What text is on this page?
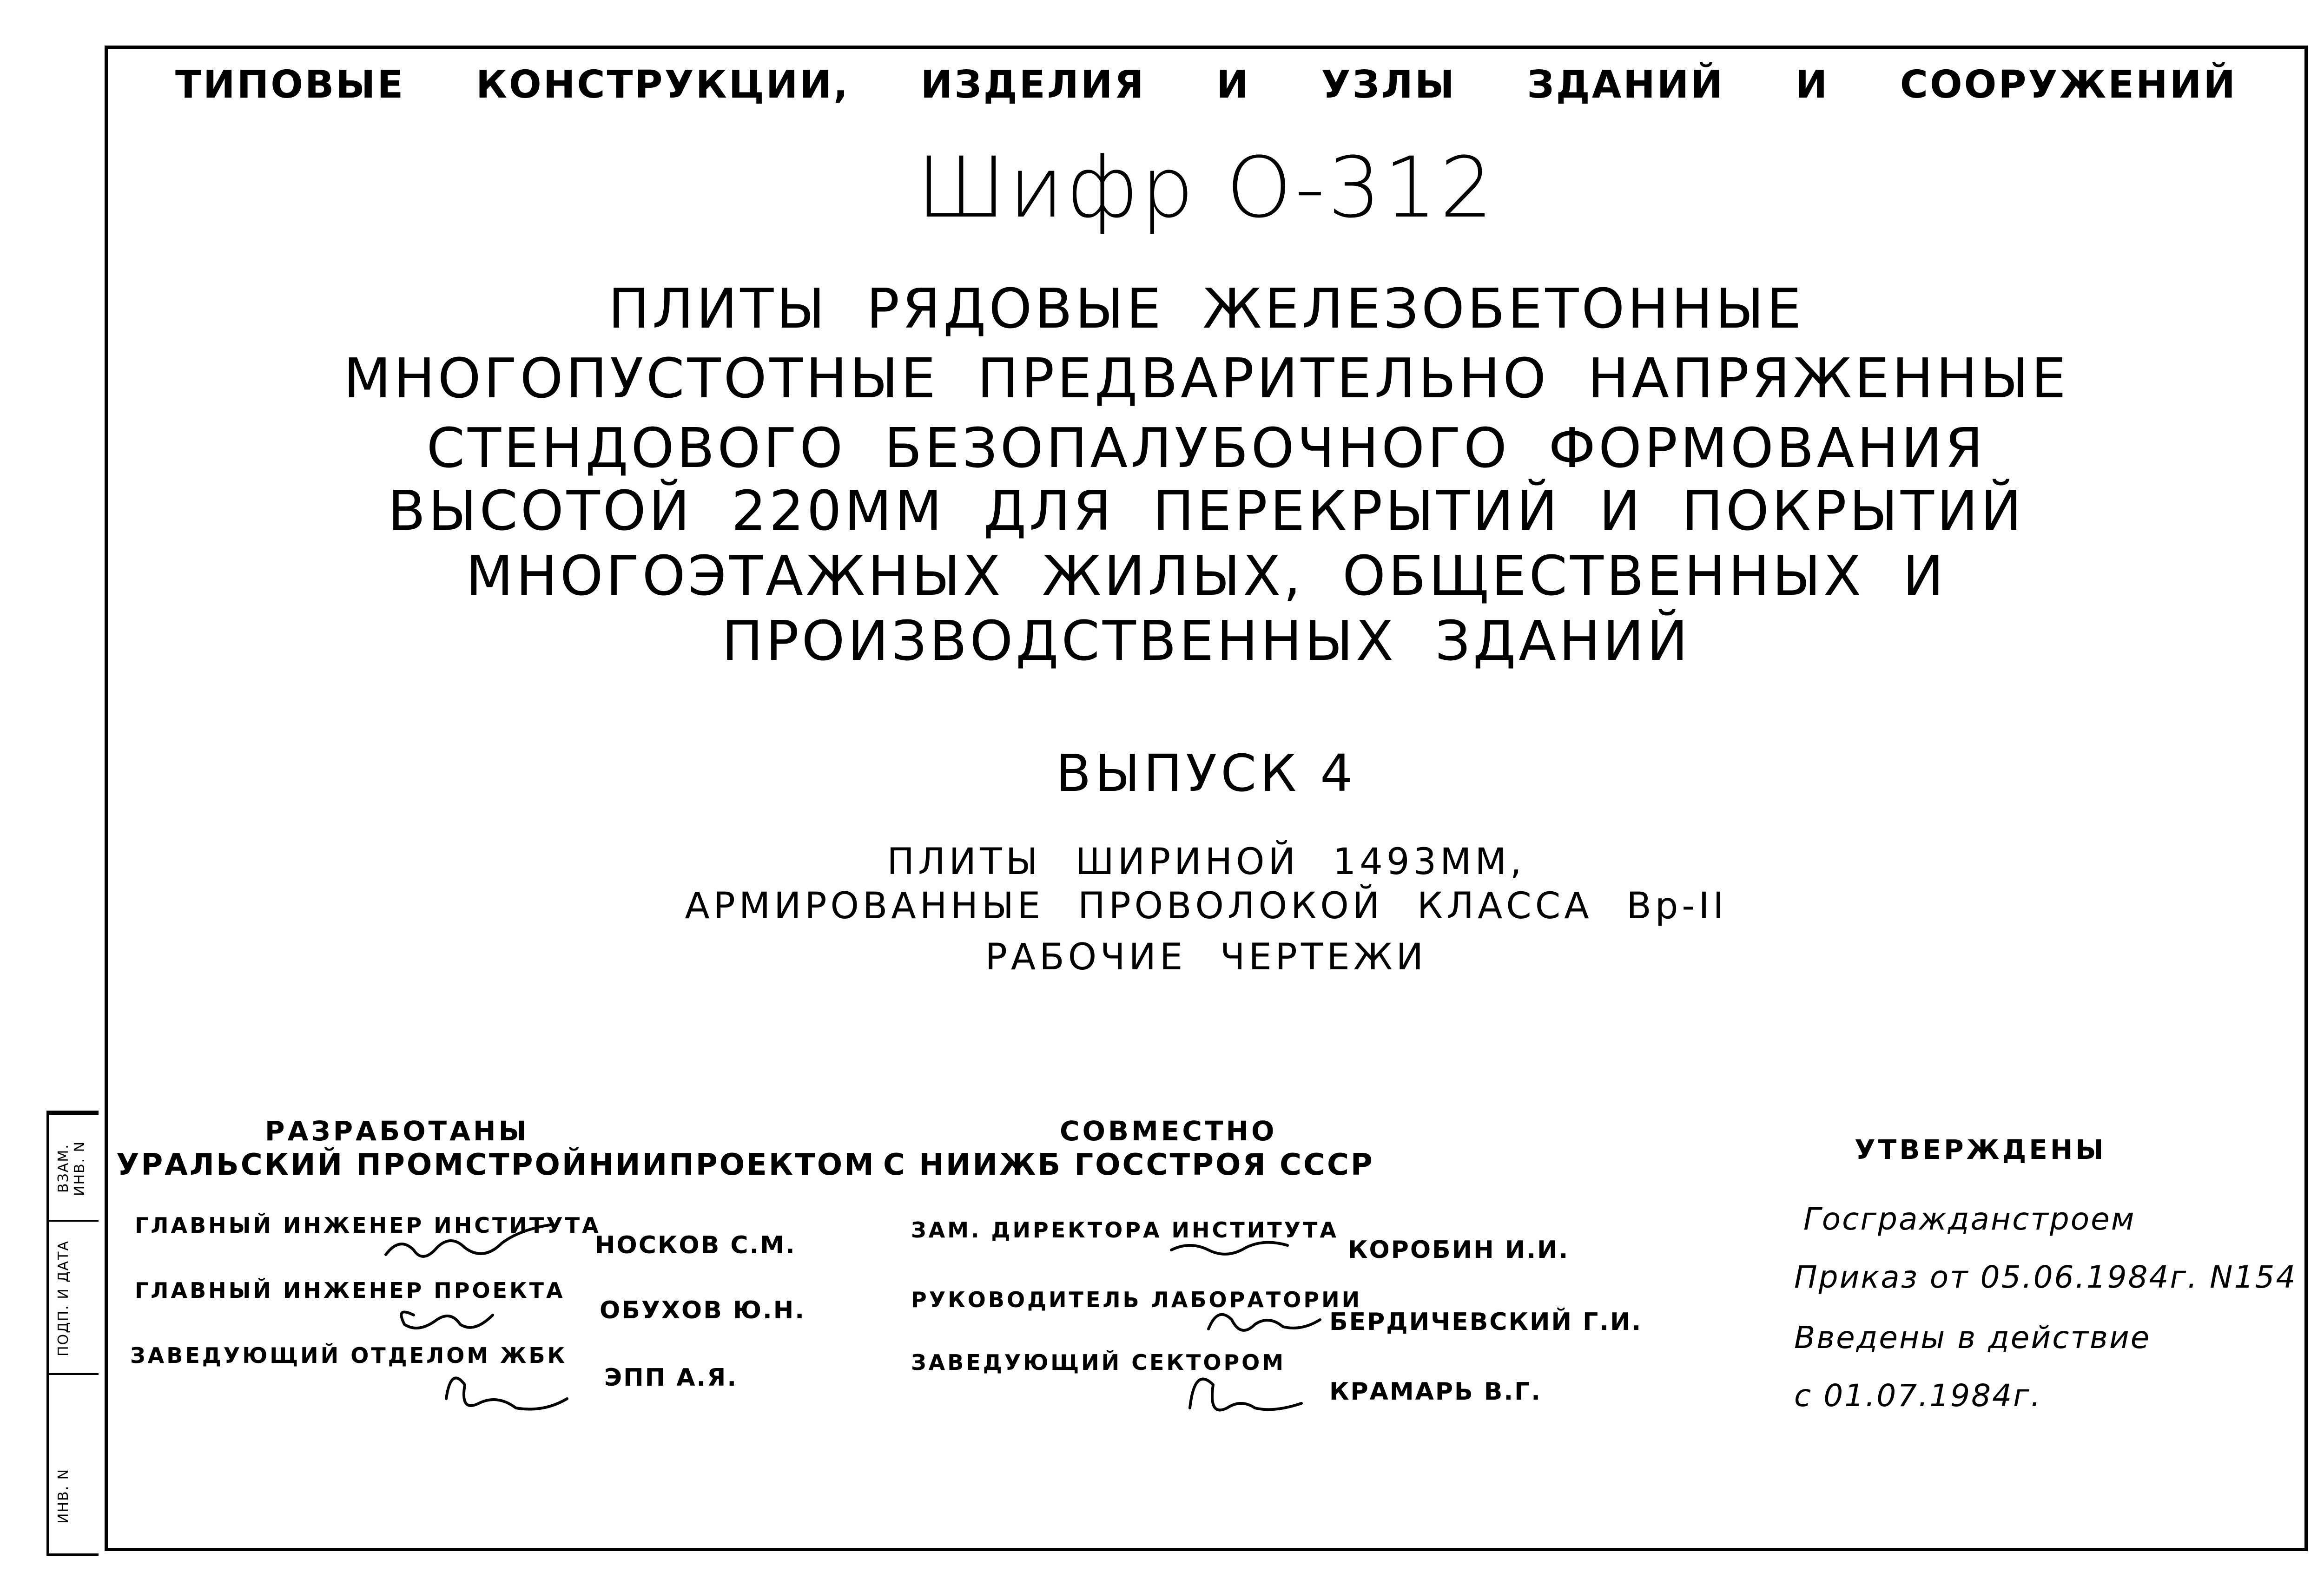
ВЗАМ. ИНВ. N
ПОДП. И ДАТА
ИНВ. N
ТИПОВЫЕ КОНСТРУКЦИИ, ИЗДЕЛИЯ И УЗЛЫ ЗДАНИЙ И СООРУЖЕНИЙ
Шифр О-312
ПЛИТЫ РЯДОВЫЕ ЖЕЛЕЗОБЕТОННЫЕ
МНОГОПУСТОТНЫЕ ПРЕДВАРИТЕЛЬНО НАПРЯЖЕННЫЕ
СТЕНДОВОГО БЕЗОПАЛУБОЧНОГО ФОРМОВАНИЯ
ВЫСОТОЙ 220ММ ДЛЯ ПЕРЕКРЫТИЙ И ПОКРЫТИЙ
МНОГОЭТАЖНЫХ ЖИЛЫХ, ОБЩЕСТВЕННЫХ И
ПРОИЗВОДСТВЕННЫХ ЗДАНИЙ
ВЫПУСК 4
ПЛИТЫ ШИРИНОЙ 1493ММ,
АРМИРОВАННЫЕ ПРОВОЛОКОЙ КЛАССА Вр-II
РАБОЧИЕ ЧЕРТЕЖИ
РАЗРАБОТАНЫ
УРАЛЬСКИЙ ПРОМСТРОЙНИИПРОЕКТОМ
ГЛАВНЫЙ ИНЖЕНЕР ИНСТИТУТА
НОСКОВ С.М.
ГЛАВНЫЙ ИНЖЕНЕР ПРОЕКТА
ОБУХОВ Ю.Н.
ЗАВЕДУЮЩИЙ ОТДЕЛОМ ЖБК
ЭПП А.Я.
СОВМЕСТНО
С НИИЖБ ГОССТРОЯ СССР
ЗАМ. ДИРЕКТОРА ИНСТИТУТА
КОРОБИН И.И.
РУКОВОДИТЕЛЬ ЛАБОРАТОРИИ
БЕРДИЧЕВСКИЙ Г.И.
ЗАВЕДУЮЩИЙ СЕКТОРОМ
КРАМАРЬ В.Г.
УТВЕРЖДЕНЫ
Госгражданстроем
Приказ от 05.06.1984г. N154
Введены в действие
с 01.07.1984г.
